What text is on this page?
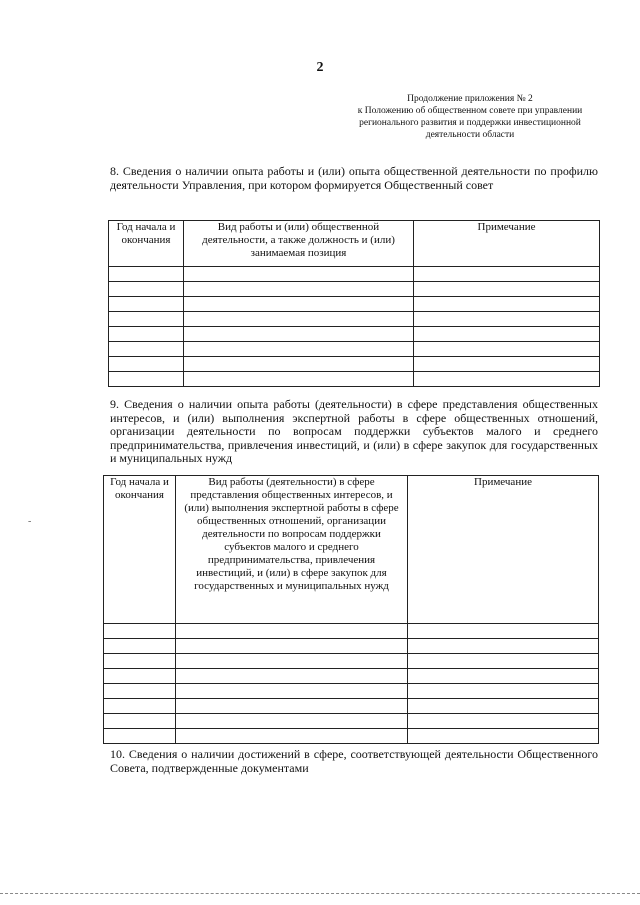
2
Продолжение приложения № 2
к Положению об общественном совете при управлении
регионального развития и поддержки инвестиционной
деятельности области
8. Сведения о наличии опыта работы и (или) опыта общественной деятельности по профилю деятельности Управления, при котором формируется Общественный совет
Год начала и окончания	Вид работы и (или) общественной деятельности, а также должность и (или) занимаемая позиция	Примечание

9. Сведения о наличии опыта работы (деятельности) в сфере представления общественных интересов, и (или) выполнения экспертной работы в сфере общественных отношений, организации деятельности по вопросам поддержки субъектов малого и среднего предпринимательства, привлечения инвестиций, и (или) в сфере закупок для государственных и муниципальных нужд
Год начала и окончания	Вид работы (деятельности) в сфере представления общественных интересов, и (или) выполнения экспертной работы в сфере общественных отношений, организации деятельности по вопросам поддержки субъектов малого и среднего предпринимательства, привлечения инвестиций, и (или) в сфере закупок для государственных и муниципальных нужд	Примечание

10. Сведения о наличии достижений в сфере, соответствующей деятельности Общественного Совета, подтвержденные документами
-
